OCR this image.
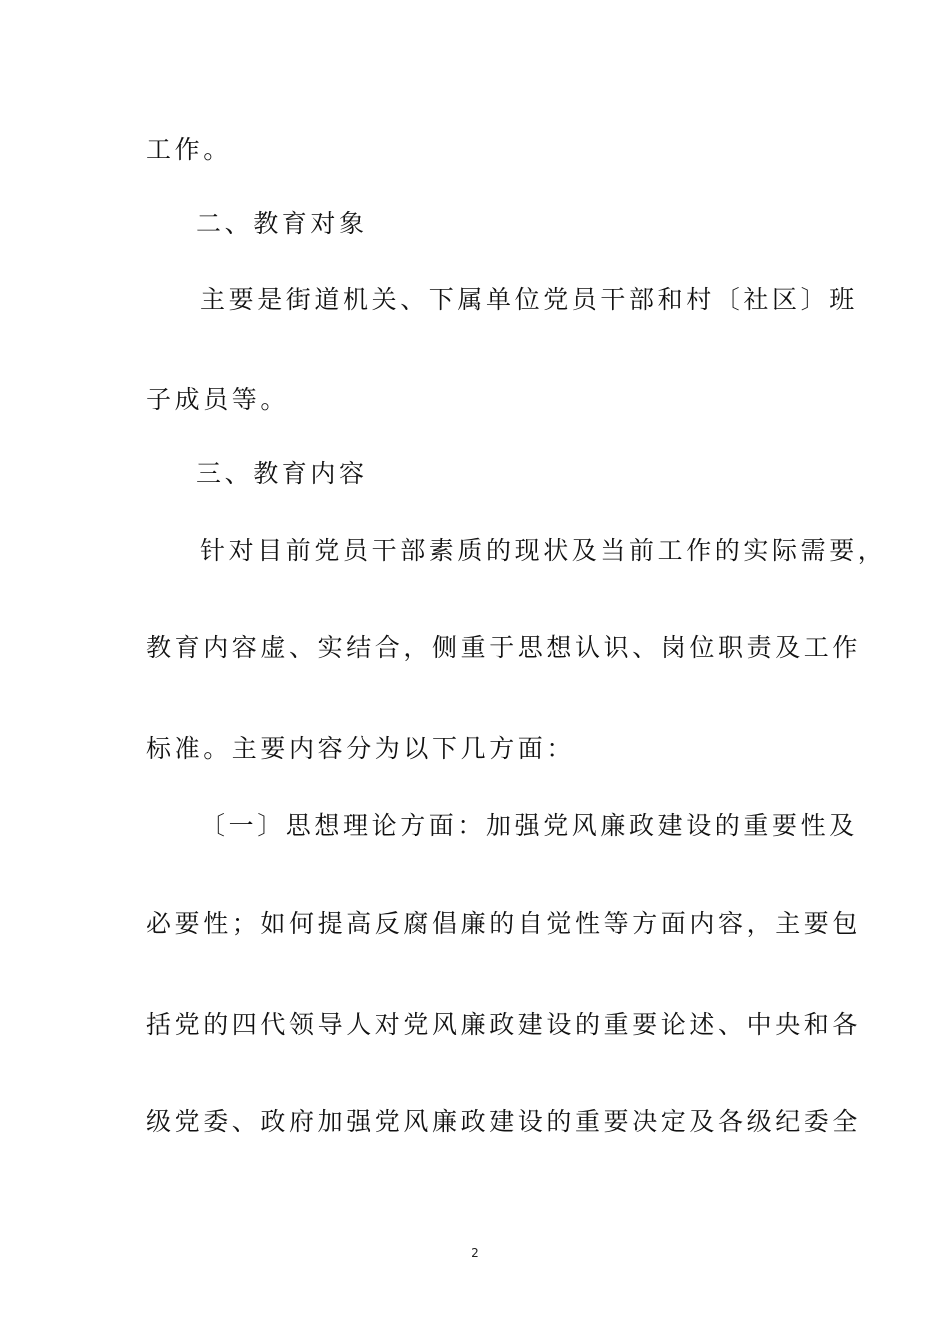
工作。
二、教育对象
主要是街道机关、下属单位党员干部和村〔社区〕班
子成员等。
三、教育内容
针对目前党员干部素质的现状及当前工作的实际需要，
教育内容虚、实结合，侧重于思想认识、岗位职责及工作
标准。主要内容分为以下几方面：
〔一〕思想理论方面：加强党风廉政建设的重要性及
必要性；如何提高反腐倡廉的自觉性等方面内容，主要包
括党的四代领导人对党风廉政建设的重要论述、中央和各
级党委、政府加强党风廉政建设的重要决定及各级纪委全
2
